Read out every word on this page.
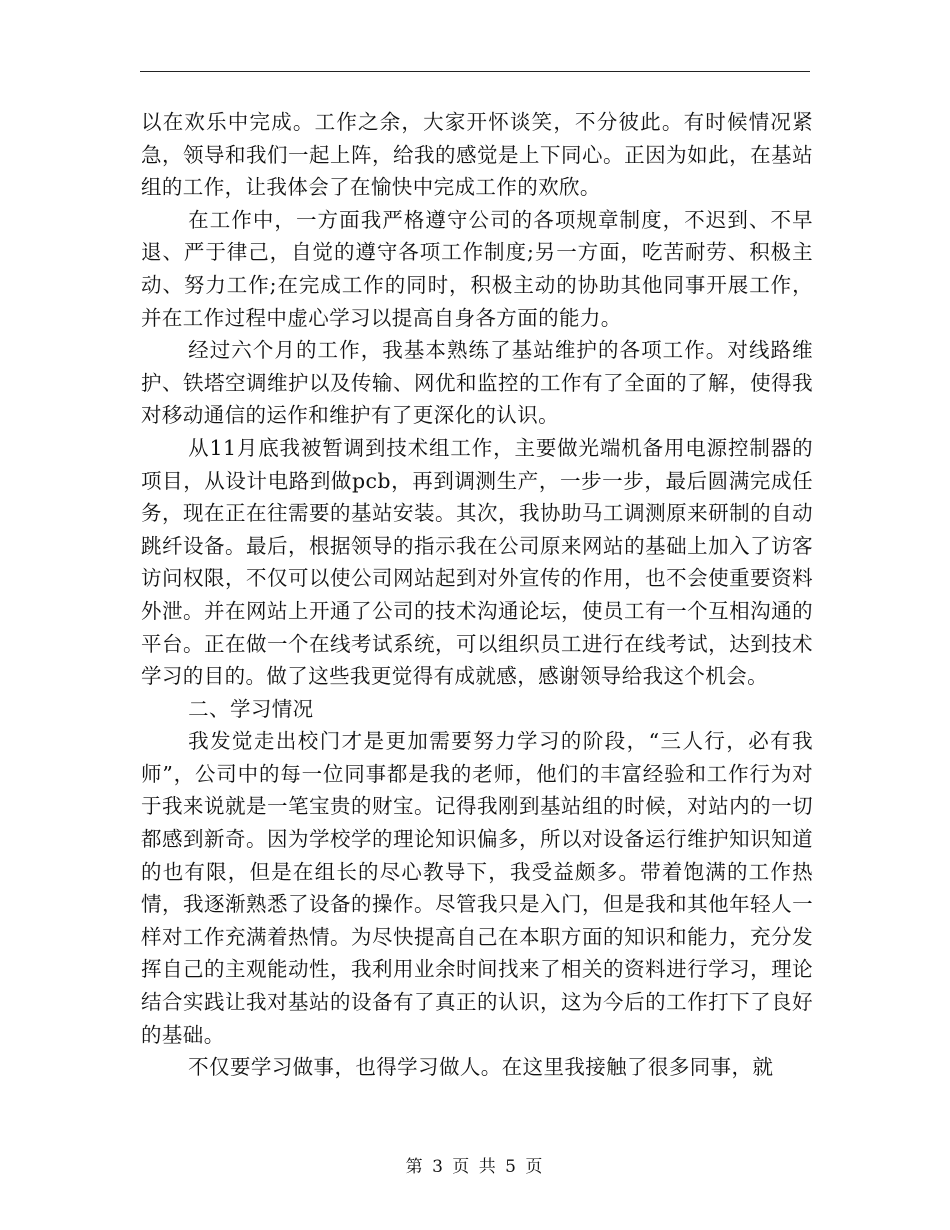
以在欢乐中完成。工作之余，大家开怀谈笑，不分彼此。有时候情况紧急，领导和我们一起上阵，给我的感觉是上下同心。正因为如此，在基站组的工作，让我体会了在愉快中完成工作的欢欣。

在工作中，一方面我严格遵守公司的各项规章制度，不迟到、不早退、严于律己，自觉的遵守各项工作制度;另一方面，吃苦耐劳、积极主动、努力工作;在完成工作的同时，积极主动的协助其他同事开展工作，并在工作过程中虚心学习以提高自身各方面的能力。

经过六个月的工作，我基本熟练了基站维护的各项工作。对线路维护、铁塔空调维护以及传输、网优和监控的工作有了全面的了解，使得我对移动通信的运作和维护有了更深化的认识。

从11月底我被暂调到技术组工作，主要做光端机备用电源控制器的项目，从设计电路到做pcb，再到调测生产，一步一步，最后圆满完成任务，现在正在往需要的基站安装。其次，我协助马工调测原来研制的自动跳纤设备。最后，根据领导的指示我在公司原来网站的基础上加入了访客访问权限，不仅可以使公司网站起到对外宣传的作用，也不会使重要资料外泄。并在网站上开通了公司的技术沟通论坛，使员工有一个互相沟通的平台。正在做一个在线考试系统，可以组织员工进行在线考试，达到技术学习的目的。做了这些我更觉得有成就感，感谢领导给我这个机会。

二、学习情况

我发觉走出校门才是更加需要努力学习的阶段，“三人行，必有我师”，公司中的每一位同事都是我的老师，他们的丰富经验和工作行为对于我来说就是一笔宝贵的财宝。记得我刚到基站组的时候，对站内的一切都感到新奇。因为学校学的理论知识偏多，所以对设备运行维护知识知道的也有限，但是在组长的尽心教导下，我受益颇多。带着饱满的工作热情，我逐渐熟悉了设备的操作。尽管我只是入门，但是我和其他年轻人一样对工作充满着热情。为尽快提高自己在本职方面的知识和能力，充分发挥自己的主观能动性，我利用业余时间找来了相关的资料进行学习，理论结合实践让我对基站的设备有了真正的认识，这为今后的工作打下了良好的基础。

不仅要学习做事，也得学习做人。在这里我接触了很多同事，就

第 3 页 共 5 页
